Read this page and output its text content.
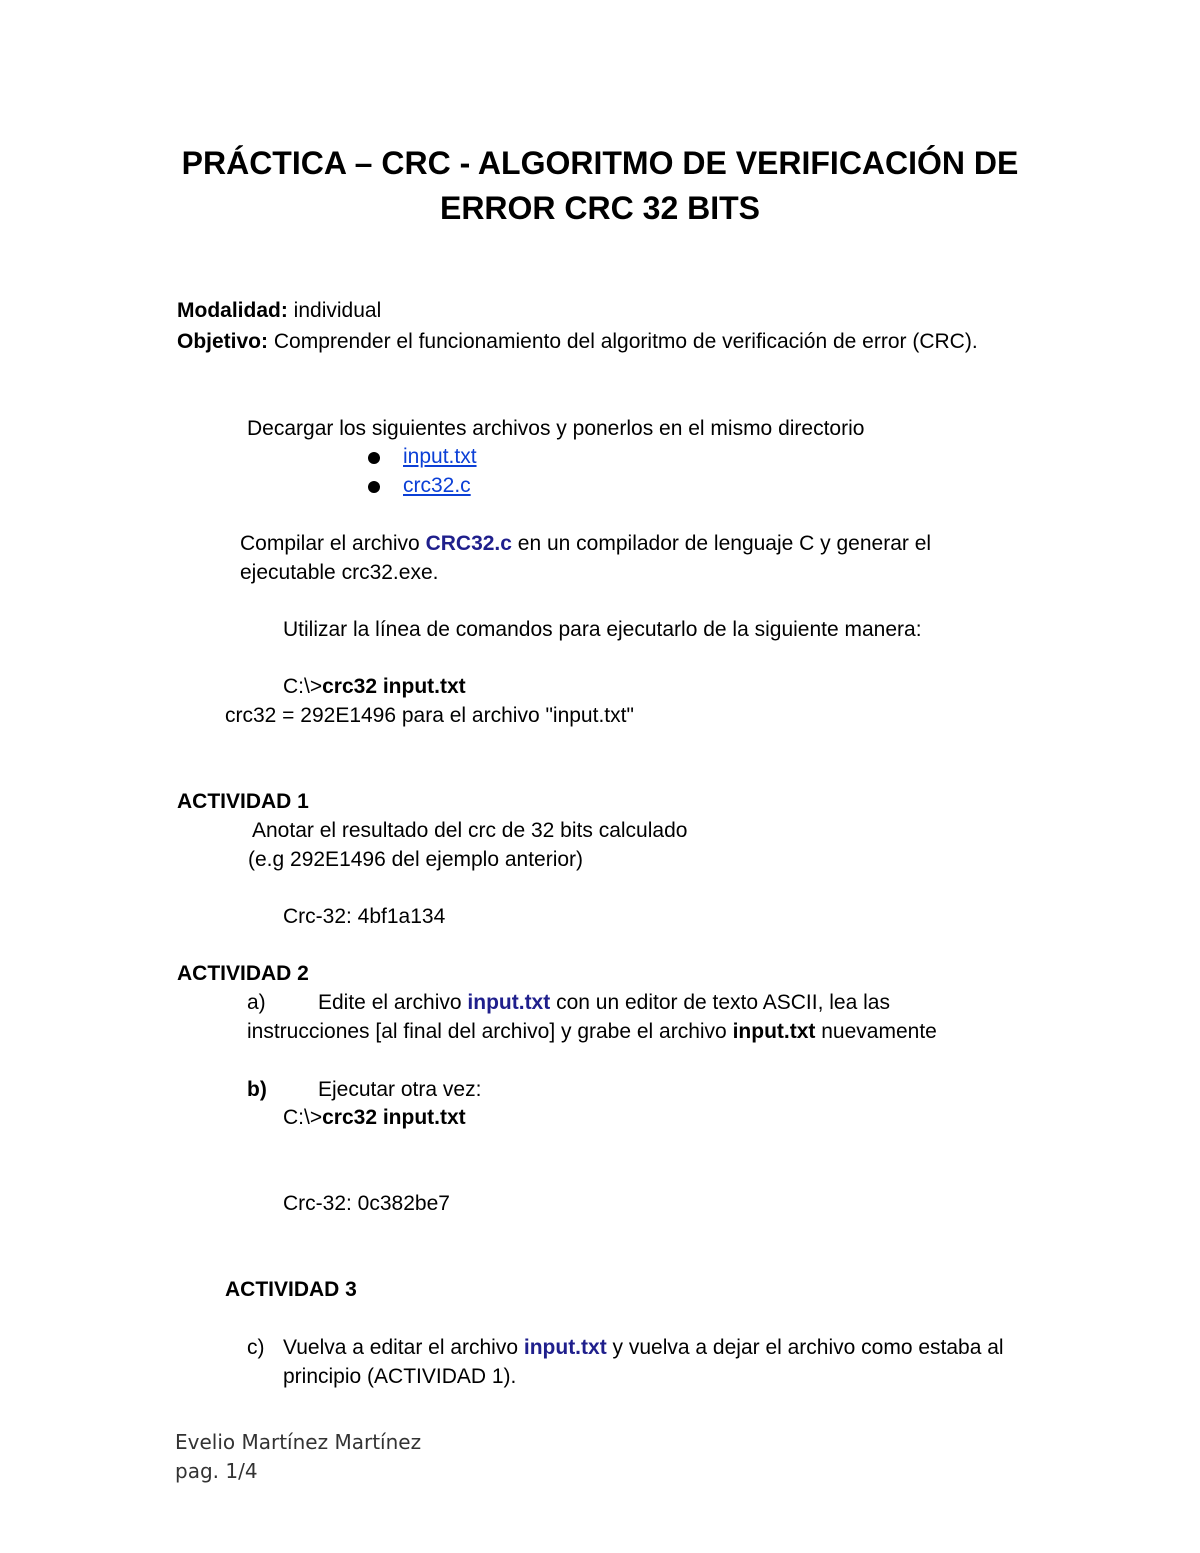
PRÁCTICA – CRC - ALGORITMO DE VERIFICACIÓN DE
ERROR CRC 32 BITS
Modalidad: individual
Objetivo: Comprender el funcionamiento del algoritmo de verificación de error (CRC).
Decargar los siguientes archivos y ponerlos en el mismo directorio
input.txt
crc32.c
Compilar el archivo CRC32.c en un compilador de lenguaje C y generar el
ejecutable crc32.exe.
Utilizar la línea de comandos para ejecutarlo de la siguiente manera:
C:\>crc32 input.txt
crc32 = 292E1496 para el archivo "input.txt"
ACTIVIDAD 1
Anotar el resultado del crc de 32 bits calculado
(e.g 292E1496 del ejemplo anterior)
Crc-32: 4bf1a134
ACTIVIDAD 2
a) Edite el archivo input.txt con un editor de texto ASCII, lea las
instrucciones [al final del archivo] y grabe el archivo input.txt nuevamente
b) Ejecutar otra vez:
C:\>crc32 input.txt
Crc-32: 0c382be7
ACTIVIDAD 3
c) Vuelva a editar el archivo input.txt y vuelva a dejar el archivo como estaba al
principio (ACTIVIDAD 1).
Evelio Martínez Martínez
pag. 1/4
